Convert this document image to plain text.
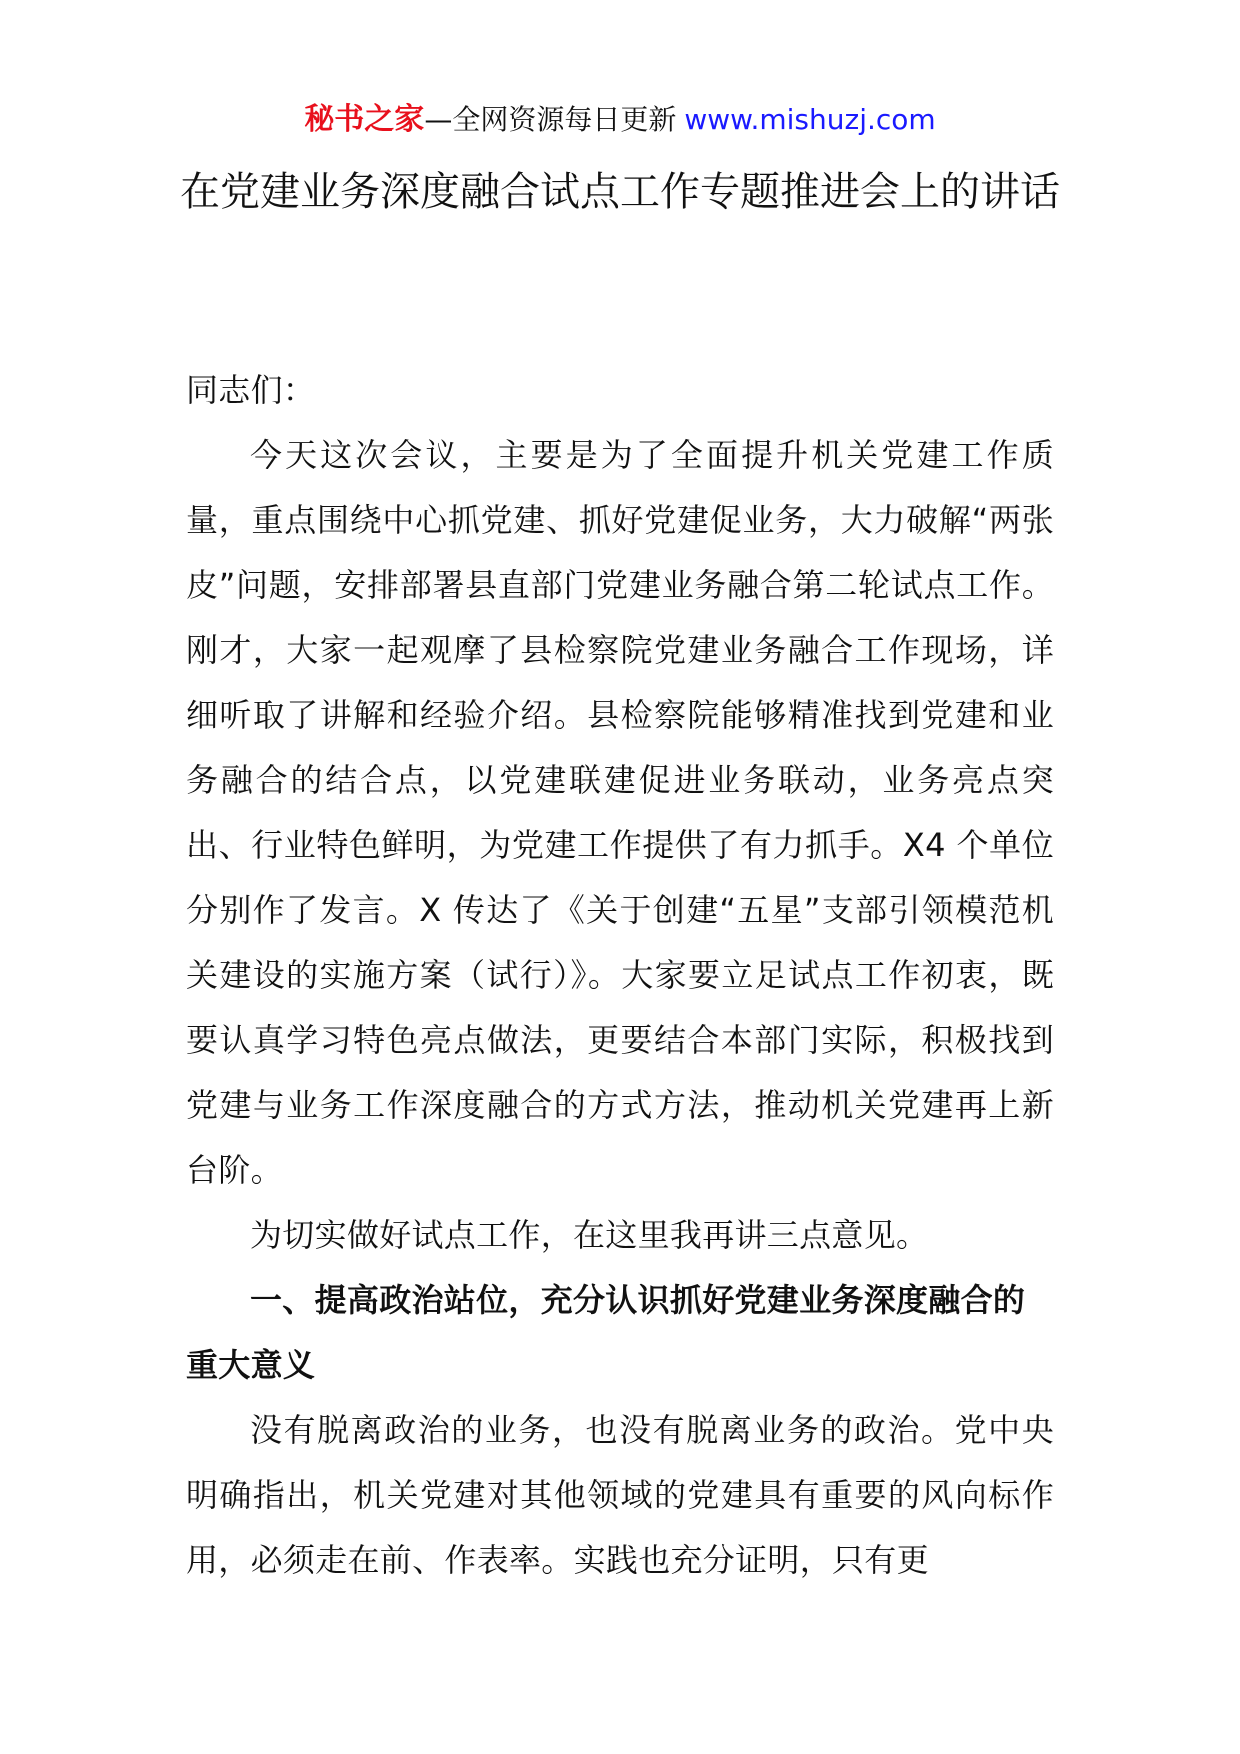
秘书之家—全网资源每日更新 www.mishuzj.com
在党建业务深度融合试点工作专题推进会上的讲话

同志们：

今天这次会议，主要是为了全面提升机关党建工作质量，重点围绕中心抓党建、抓好党建促业务，大力破解“两张皮”问题，安排部署县直部门党建业务融合第二轮试点工作。刚才，大家一起观摩了县检察院党建业务融合工作现场，详细听取了讲解和经验介绍。县检察院能够精准找到党建和业务融合的结合点，以党建联建促进业务联动，业务亮点突出、行业特色鲜明，为党建工作提供了有力抓手。X4 个单位分别作了发言。X 传达了《关于创建“五星”支部引领模范机关建设的实施方案（试行）》。大家要立足试点工作初衷，既要认真学习特色亮点做法，更要结合本部门实际，积极找到党建与业务工作深度融合的方式方法，推动机关党建再上新台阶。

为切实做好试点工作，在这里我再讲三点意见。

一、提高政治站位，充分认识抓好党建业务深度融合的重大意义

没有脱离政治的业务，也没有脱离业务的政治。党中央明确指出，机关党建对其他领域的党建具有重要的风向标作用，必须走在前、作表率。实践也充分证明，只有更
